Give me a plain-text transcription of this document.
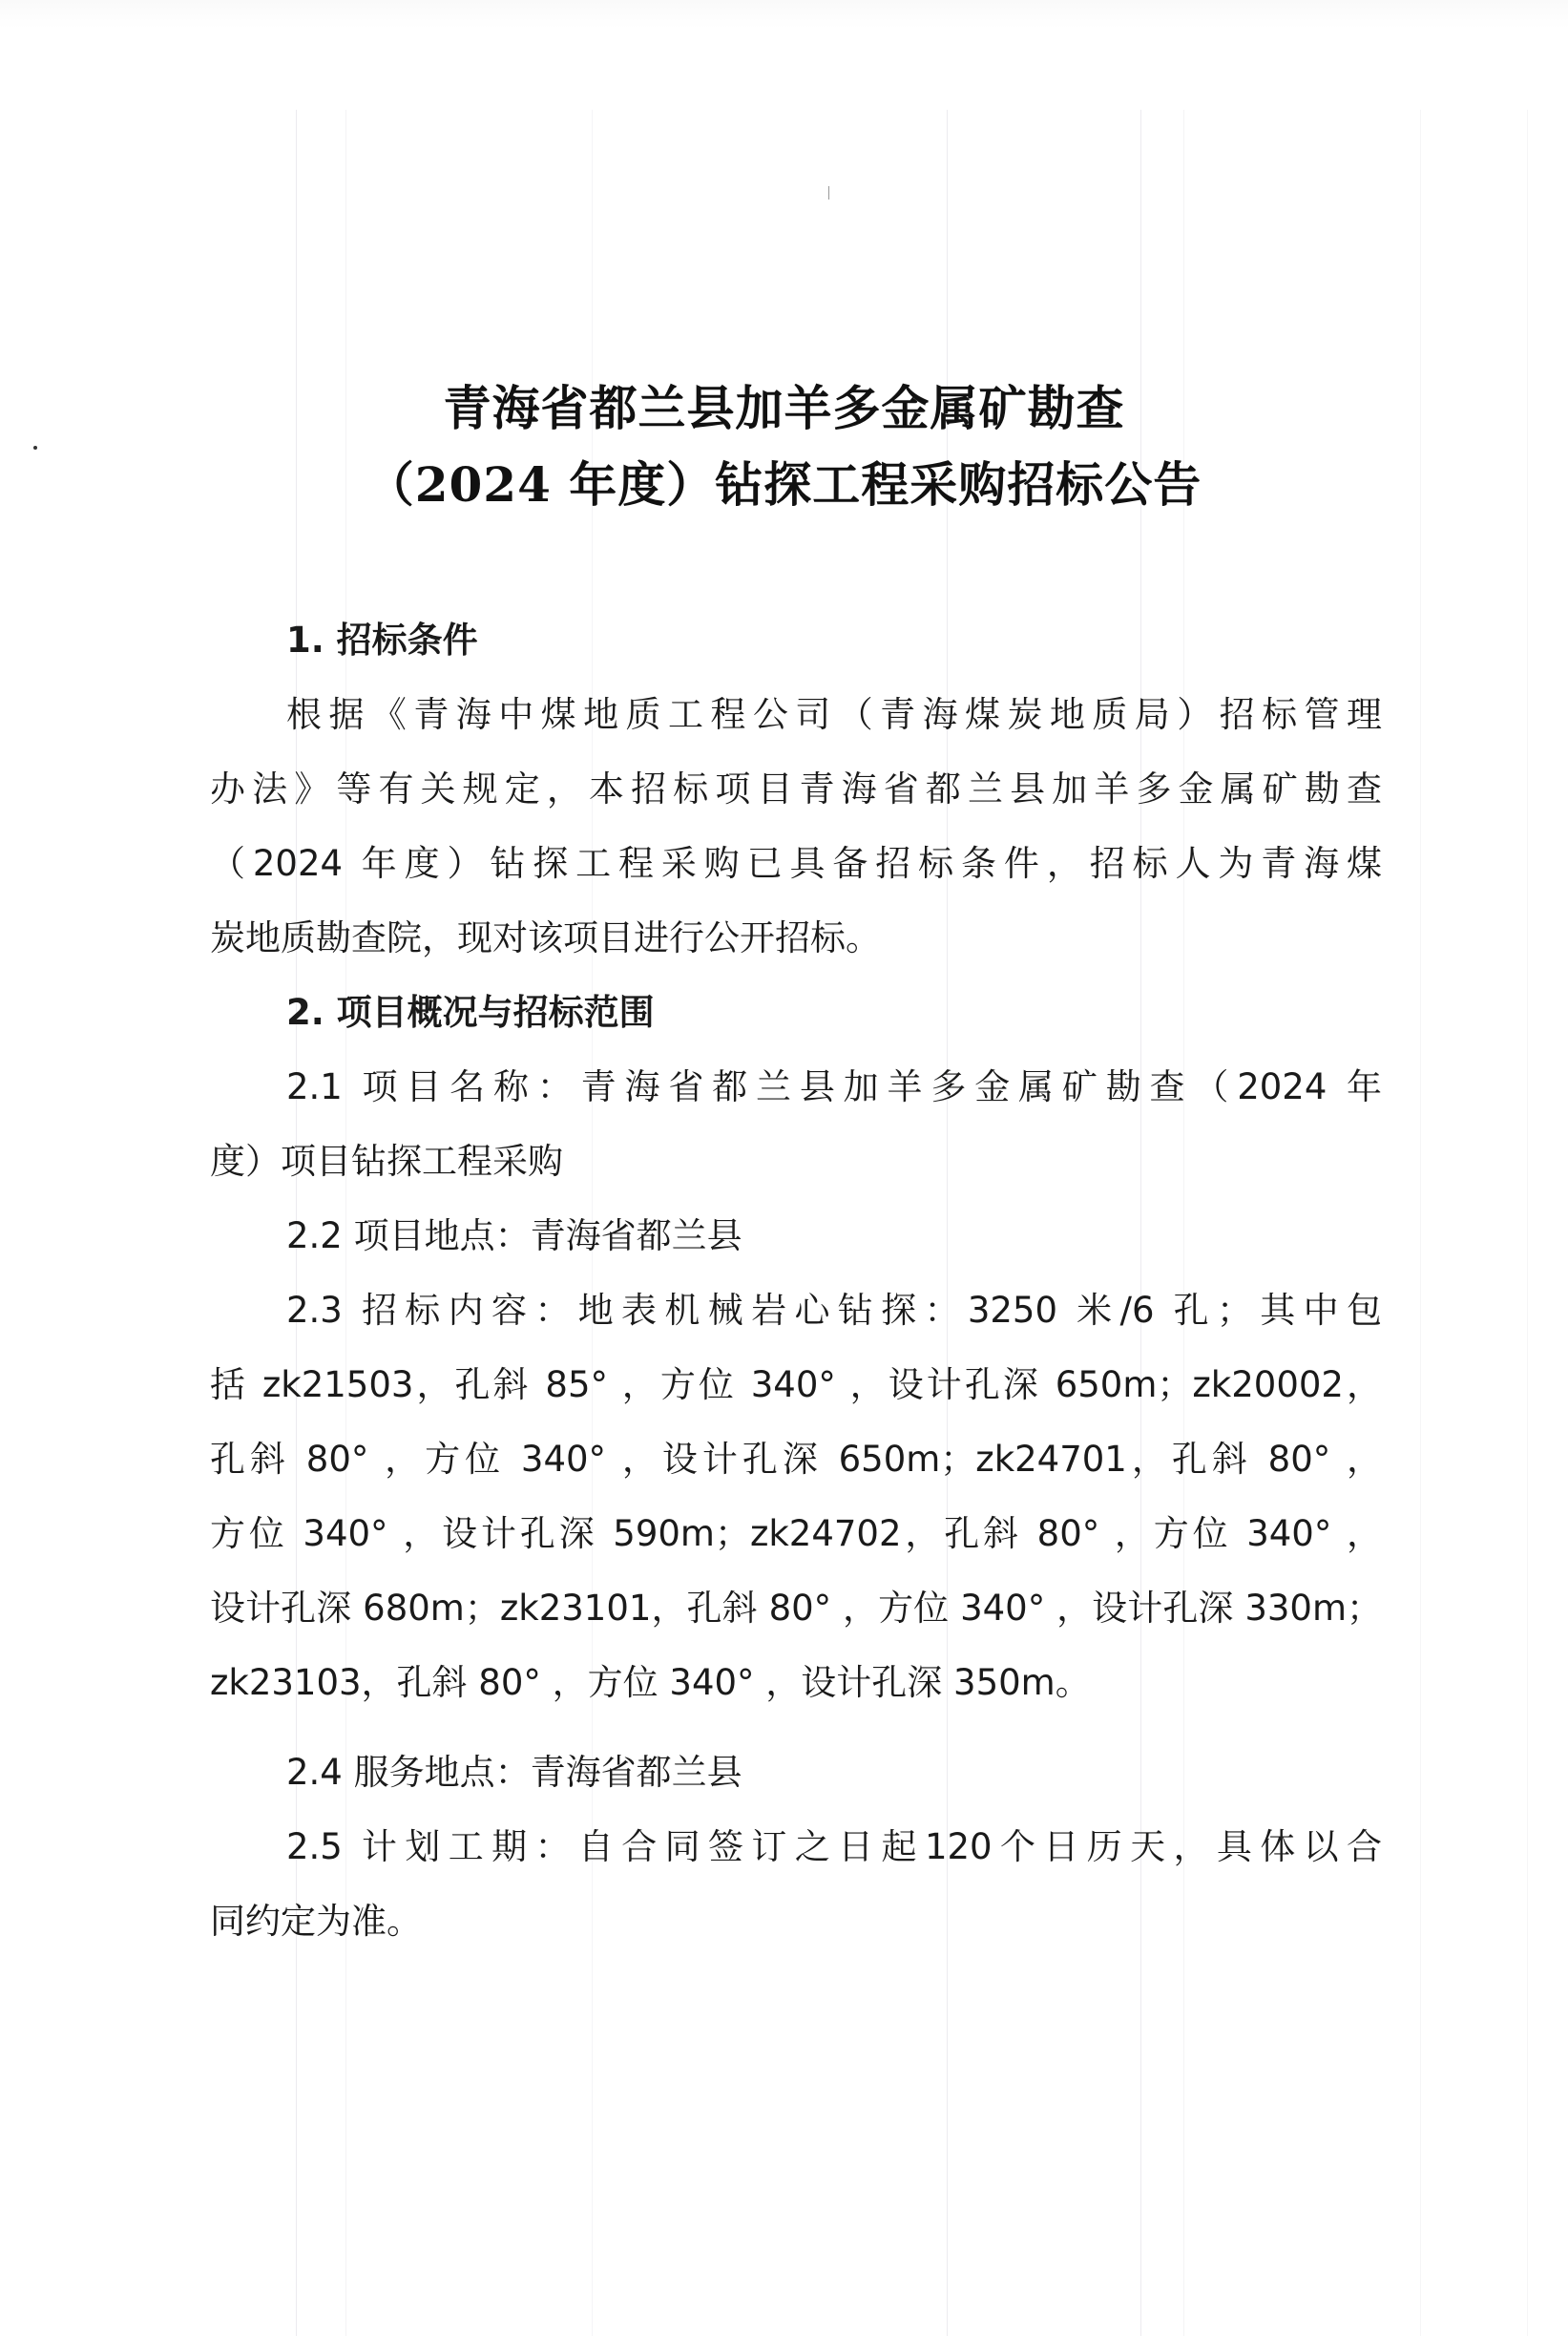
青海省都兰县加羊多金属矿勘查
（2024 年度）钻探工程采购招标公告
1. 招标条件
根据《青海中煤地质工程公司（青海煤炭地质局）招标管理
办法》等有关规定，本招标项目青海省都兰县加羊多金属矿勘查
（2024 年度）钻探工程采购已具备招标条件，招标人为青海煤
炭地质勘查院，现对该项目进行公开招标。
2. 项目概况与招标范围
2.1 项目名称：青海省都兰县加羊多金属矿勘查（2024 年
度）项目钻探工程采购
2.2 项目地点：青海省都兰县
2.3 招标内容：地表机械岩心钻探：3250 米/6 孔；其中包
括 zk21503，孔斜 85° ，方位 340° ，设计孔深 650m；zk20002，
孔斜 80° ，方位 340° ，设计孔深 650m；zk24701，孔斜 80° ，
方位 340° ，设计孔深 590m；zk24702，孔斜 80° ，方位 340° ，
设计孔深 680m；zk23101，孔斜 80° ，方位 340° ，设计孔深 330m；
zk23103，孔斜 80° ，方位 340° ，设计孔深 350m。
2.4 服务地点：青海省都兰县
2.5 计划工期：自合同签订之日起120个日历天，具体以合
同约定为准。
